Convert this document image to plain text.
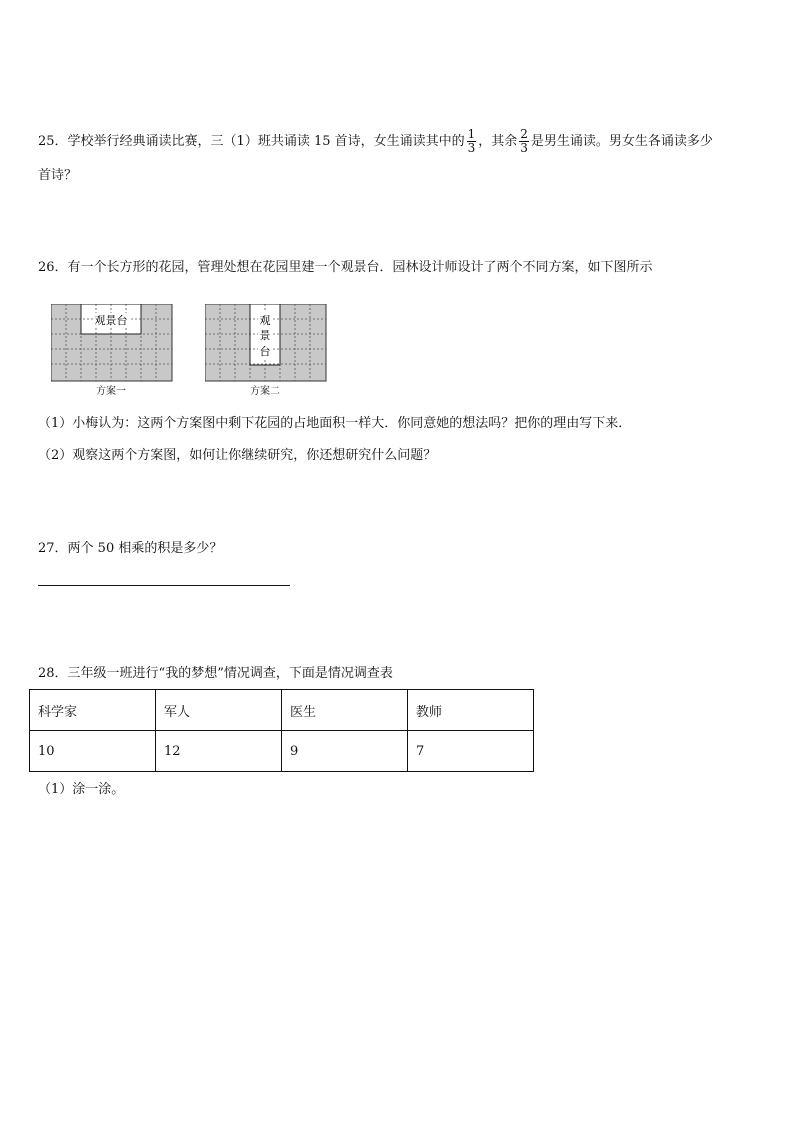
25．学校举行经典诵读比赛，三（1）班共诵读 15 首诗，女生诵读其中的 $\frac{1}{3}$ ，其余 $\frac{2}{3}$ 是男生诵读。男女生各诵读多少
首诗？
26．有一个长方形的花园，管理处想在花园里建一个观景台．园林设计师设计了两个不同方案，如下图所示
观景台
方案一
观
景
台
方案二
（1）小梅认为：这两个方案图中剩下花园的占地面积一样大．你同意她的想法吗？把你的理由写下来．
（2）观察这两个方案图，如何让你继续研究，你还想研究什么问题？
27．两个 50 相乘的积是多少？
28．三年级一班进行“我的梦想”情况调查，下面是情况调查表
科学家	军人	医生	教师
10	12	9	7
（1）涂一涂。
